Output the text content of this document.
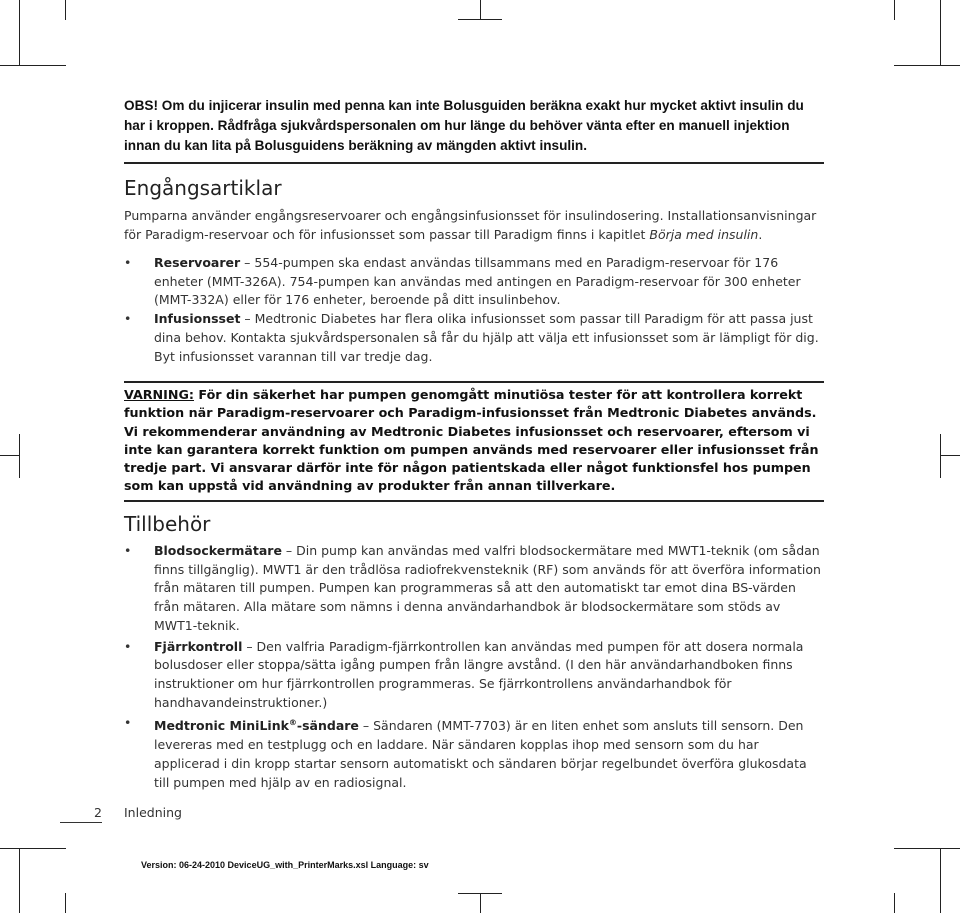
OBS! Om du injicerar insulin med penna kan inte Bolusguiden beräkna exakt hur mycket aktivt insulin du har i kroppen. Rådfråga sjukvårdspersonalen om hur länge du behöver vänta efter en manuell injektion innan du kan lita på Bolusguidens beräkning av mängden aktivt insulin.
Engångsartiklar

Pumparna använder engångsreservoarer och engångsinfusionsset för insulindosering. Installationsanvisningar för Paradigm-reservoar och för infusionsset som passar till Paradigm finns i kapitlet Börja med insulin.

• Reservoarer – 554-pumpen ska endast användas tillsammans med en Paradigm-reservoar för 176 enheter (MMT-326A). 754-pumpen kan användas med antingen en Paradigm-reservoar för 300 enheter (MMT-332A) eller för 176 enheter, beroende på ditt insulinbehov.
• Infusionsset – Medtronic Diabetes har flera olika infusionsset som passar till Paradigm för att passa just dina behov. Kontakta sjukvårdspersonalen så får du hjälp att välja ett infusionsset som är lämpligt för dig. Byt infusionsset varannan till var tredje dag.
VARNING: För din säkerhet har pumpen genomgått minutiösa tester för att kontrollera korrekt funktion när Paradigm-reservoarer och Paradigm-infusionsset från Medtronic Diabetes används. Vi rekommenderar användning av Medtronic Diabetes infusionsset och reservoarer, eftersom vi inte kan garantera korrekt funktion om pumpen används med reservoarer eller infusionsset från tredje part. Vi ansvarar därför inte för någon patientskada eller något funktionsfel hos pumpen som kan uppstå vid användning av produkter från annan tillverkare.
Tillbehör
• Blodsockermätare – Din pump kan användas med valfri blodsockermätare med MWT1-teknik (om sådan finns tillgänglig). MWT1 är den trådlösa radiofrekvensteknik (RF) som används för att överföra information från mätaren till pumpen. Pumpen kan programmeras så att den automatiskt tar emot dina BS-värden från mätaren. Alla mätare som nämns i denna användarhandbok är blodsockermätare som stöds av MWT1-teknik.
• Fjärrkontroll – Den valfria Paradigm-fjärrkontrollen kan användas med pumpen för att dosera normala bolusdoser eller stoppa/sätta igång pumpen från längre avstånd. (I den här användarhandboken finns instruktioner om hur fjärrkontrollen programmeras. Se fjärrkontrollens användarhandbok för handhavandeinstruktioner.)
• Medtronic MiniLink®-sändare – Sändaren (MMT-7703) är en liten enhet som ansluts till sensorn. Den levereras med en testplugg och en laddare. När sändaren kopplas ihop med sensorn som du har applicerad i din kropp startar sensorn automatiskt och sändaren börjar regelbundet överföra glukosdata till pumpen med hjälp av en radiosignal.
2 Inledning
Version: 06-24-2010 DeviceUG_with_PrinterMarks.xsl Language: sv
